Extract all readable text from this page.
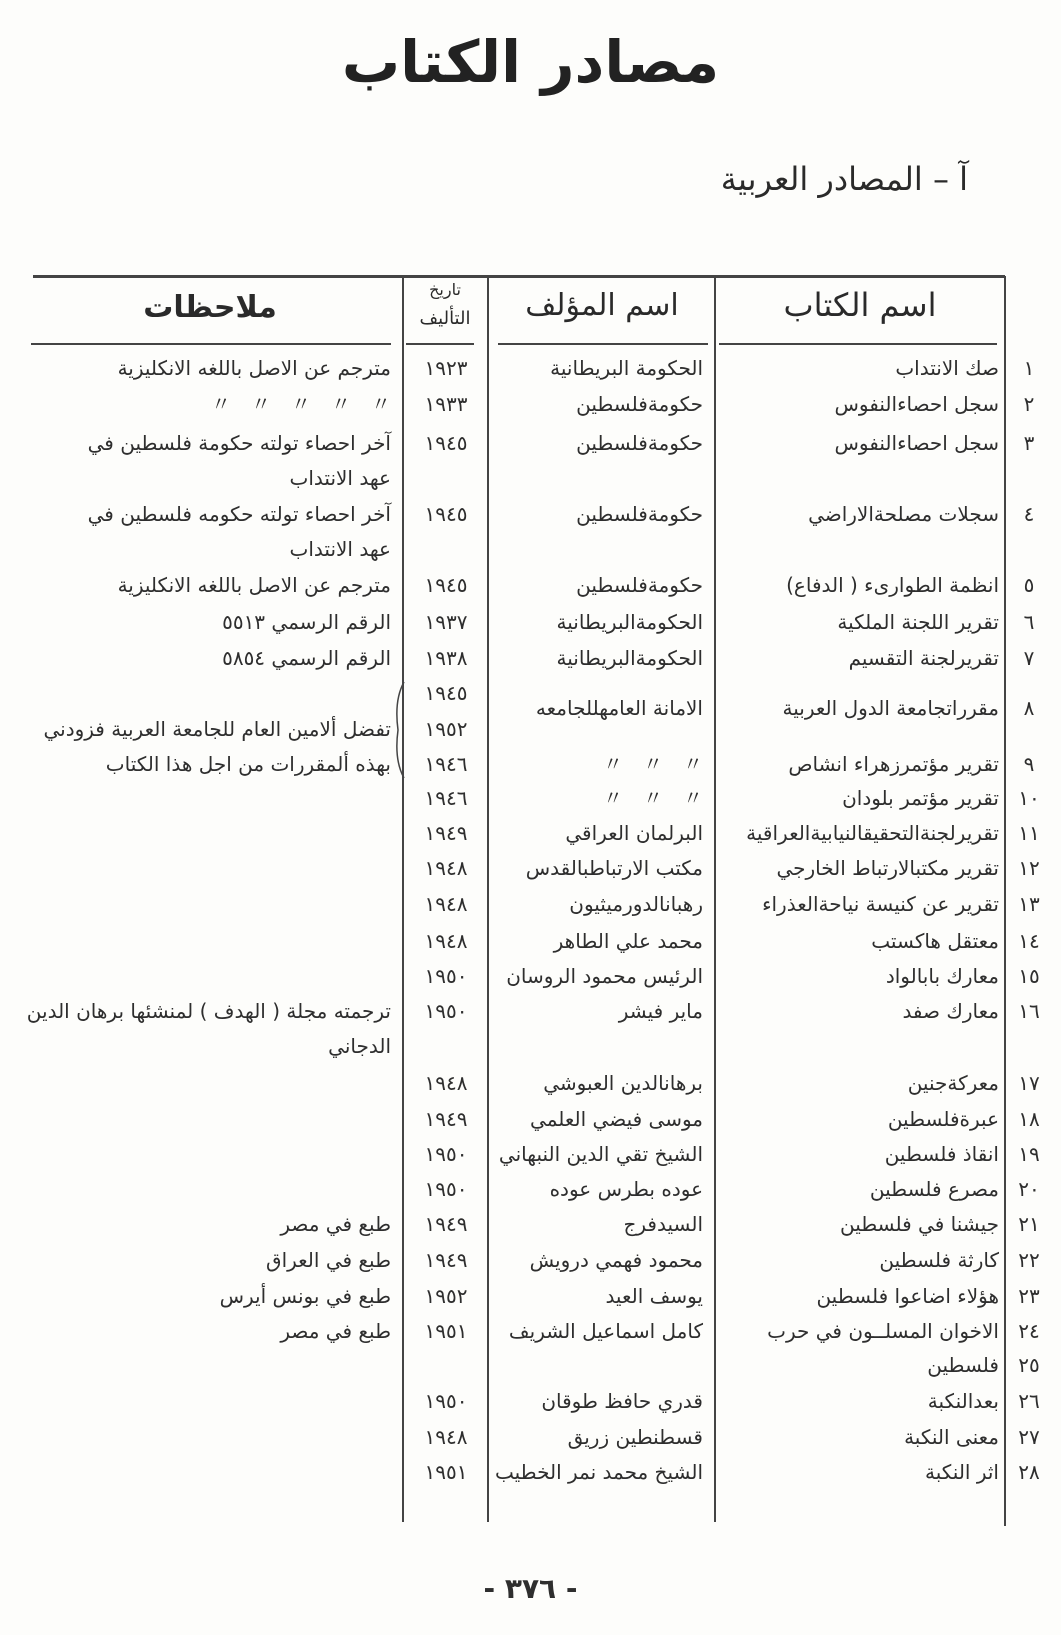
مصادر الكتاب
آ – المصادر العربية
اسم الكتاب
اسم المؤلف
تاريخ
التأليف
ملاحظات
١
صك الانتداب
الحكومة البريطانية
١٩٢٣
مترجم عن الاصل باللغه الانكليزية
٢
سجل احصاءالنفوس
حكومةفلسطين
١٩٣٣
〃　〃　〃　〃　〃
٣
سجل احصاءالنفوس
حكومةفلسطين
١٩٤٥
آخر احصاء تولته حكومة فلسطين في
عهد الانتداب
٤
سجلات مصلحةالاراضي
حكومةفلسطين
١٩٤٥
آخر احصاء تولته حكومه فلسطين في
عهد الانتداب
٥
انظمة الطوارىء ( الدفاع)
حكومةفلسطين
١٩٤٥
مترجم عن الاصل باللغه الانكليزية
٦
تقرير اللجنة الملكية
الحكومةالبريطانية
١٩٣٧
الرقم الرسمي ٥٥١٣
٧
تقريرلجنة التقسيم
الحكومةالبريطانية
١٩٣٨
الرقم الرسمي ٥٨٥٤
٨
مقرراتجامعة الدول العربية
الامانة العامهللجامعه
١٩٤٥
١٩٥٢
تفضل ألامين العام للجامعة العربية فزودني
بهذه ألمقررات من اجل هذا الكتاب	٩
تقرير مؤتمرزهراء انشاص
〃　〃　〃
١٩٤٦
١٠
تقرير مؤتمر بلودان
〃　〃　〃
١٩٤٦
١١
تقريرلجنةالتحقيقالنيابيةالعراقية
البرلمان العراقي
١٩٤٩
١٢
تقرير مكتبالارتباط الخارجي
مكتب الارتباطبالقدس
١٩٤٨
١٣
تقرير عن كنيسة نياحةالعذراء
رهبانالدورميثيون
١٩٤٨
١٤
معتقل هاكستب
محمد علي الطاهر
١٩٤٨
١٥
معارك بابالواد
الرئيس محمود الروسان
١٩٥٠
١٦
معارك صفد
ماير فيشر
١٩٥٠
ترجمته مجلة ( الهدف ) لمنشئها برهان الدين
الدجاني
١٧
معركةجنين
برهانالدين العبوشي
١٩٤٨
١٨
عبرةفلسطين
موسى فيضي العلمي
١٩٤٩
١٩
انقاذ فلسطين
الشيخ تقي الدين النبهاني
١٩٥٠
٢٠
مصرع فلسطين
عوده بطرس عوده
١٩٥٠
٢١
جيشنا في فلسطين
السيدفرج
١٩٤٩
طبع في مصر
٢٢
كارثة فلسطين
محمود فهمي درويش
١٩٤٩
طبع في العراق
٢٣
هؤلاء اضاعوا فلسطين
يوسف العيد
١٩٥٢
طبع في بونس أيرس
٢٤
الاخوان المسلــون في حرب
كامل اسماعيل الشريف
١٩٥١
طبع في مصر
٢٥
فلسطين
٢٦
بعدالنكبة
قدري حافظ طوقان
١٩٥٠
٢٧
معنى النكبة
قسطنطين زريق
١٩٤٨
٢٨
اثر النكبة
الشيخ محمد نمر الخطيب
١٩٥١
- ٣٧٦ -
